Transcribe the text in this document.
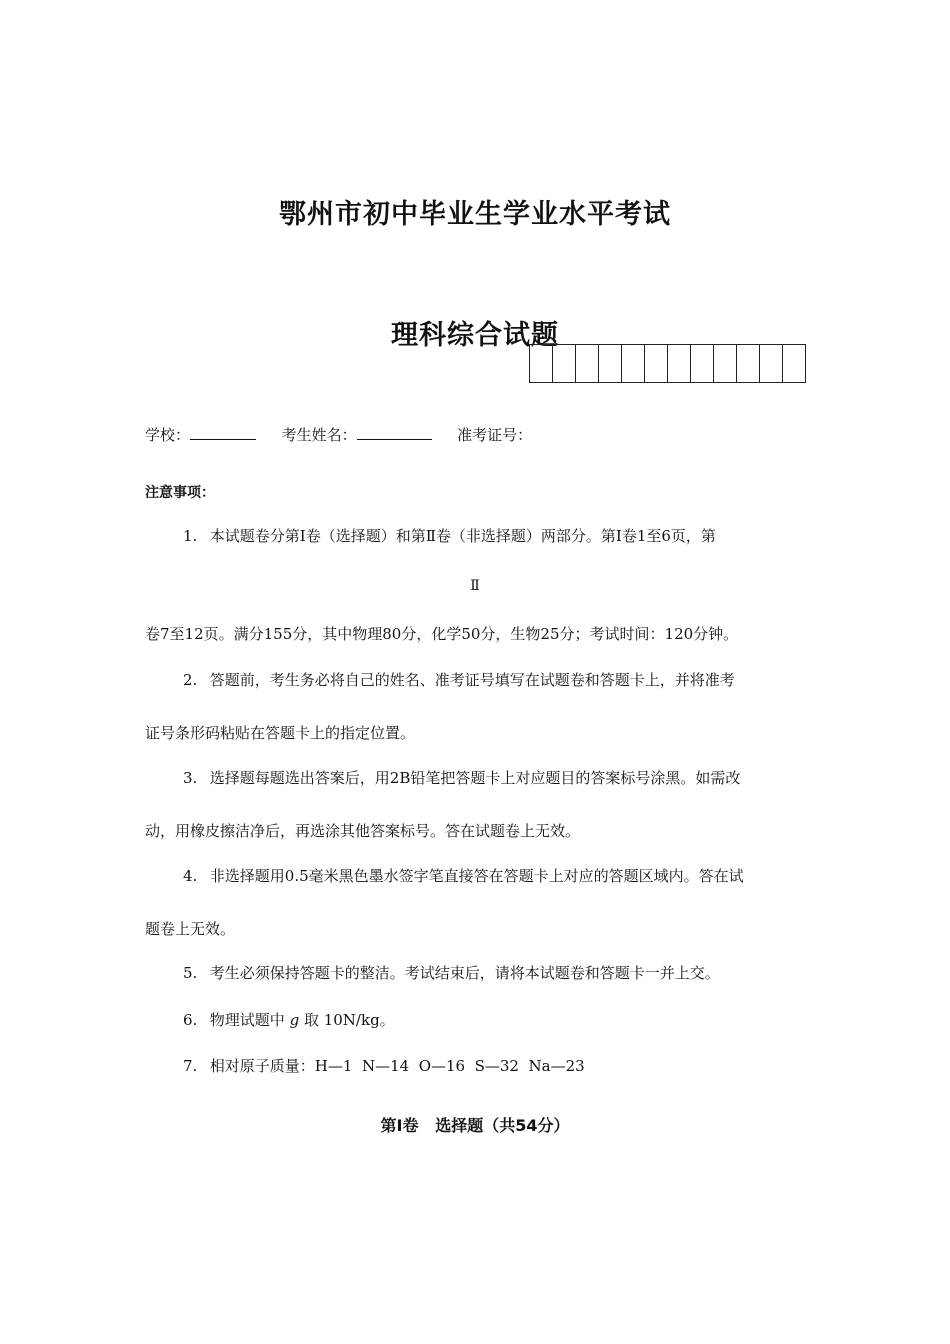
鄂州市初中毕业生学业水平考试
理科综合试题
学校：	考生姓名：	准考证号：
注意事项：
1. 本试题卷分第Ⅰ卷（选择题）和第Ⅱ卷（非选择题）两部分。第Ⅰ卷1至6页，第
Ⅱ
卷7至12页。满分155分，其中物理80分，化学50分，生物25分；考试时间：120分钟。
2. 答题前，考生务必将自己的姓名、准考证号填写在试题卷和答题卡上，并将准考
证号条形码粘贴在答题卡上的指定位置。
3. 选择题每题选出答案后，用2B铅笔把答题卡上对应题目的答案标号涂黑。如需改
动，用橡皮擦洁净后，再选涂其他答案标号。答在试题卷上无效。
4. 非选择题用0.5毫米黑色墨水签字笔直接答在答题卡上对应的答题区域内。答在试
题卷上无效。
5. 考生必须保持答题卡的整洁。考试结束后，请将本试题卷和答题卡一并上交。
6. 物理试题中 g 取 10N/kg。
7. 相对原子质量：H—1  N—14  O—16  S—32  Na—23
第Ⅰ卷   选择题（共54分）
